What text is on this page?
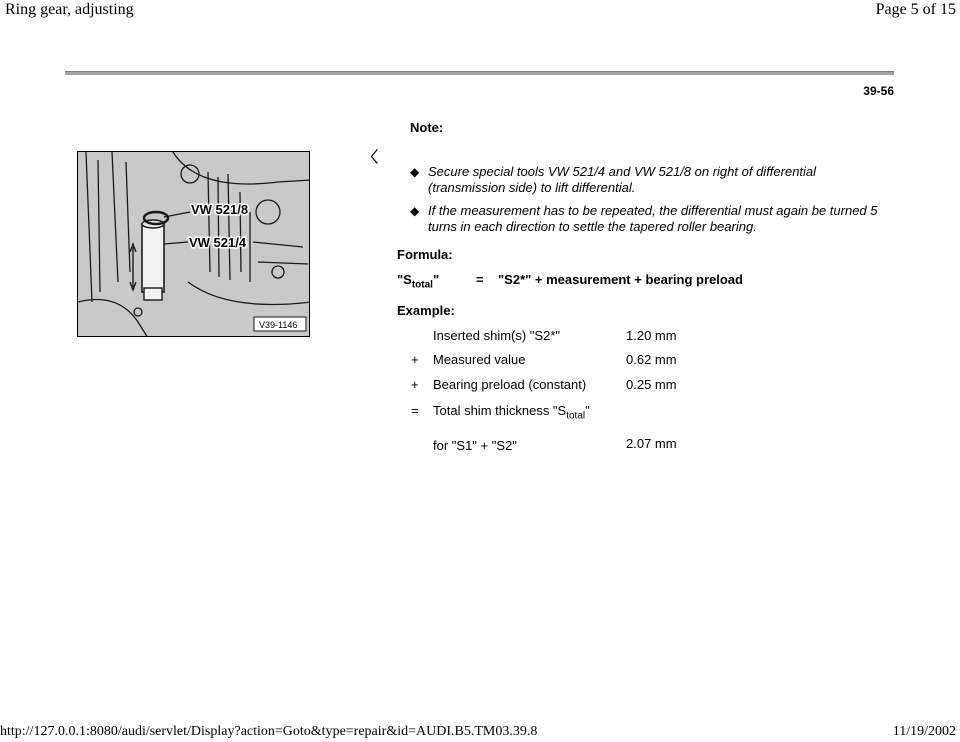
Ring gear, adjusting	Page 5 of 15
39-56
Note:
VW 521/8
VW 521/4
V39-1146
〈
◆ Secure special tools VW 521/4 and VW 521/8 on right of differential (transmission side) to lift differential.
◆ If the measurement has to be repeated, the differential must again be turned 5 turns in each direction to settle the tapered roller bearing.
Formula:
"$S_{total}$"	= "S2*" + measurement + bearing preload
Example:
Inserted shim(s) "S2*"	1.20 mm
+ Measured value	0.62 mm
+ Bearing preload (constant)	0.25 mm
= Total shim thickness "$S_{total}$"
for "S1" + "S2"	2.07 mm
http://127.0.0.1:8080/audi/servlet/Display?action=Goto&type=repair&id=AUDI.B5.TM03.39.8	11/19/2002
